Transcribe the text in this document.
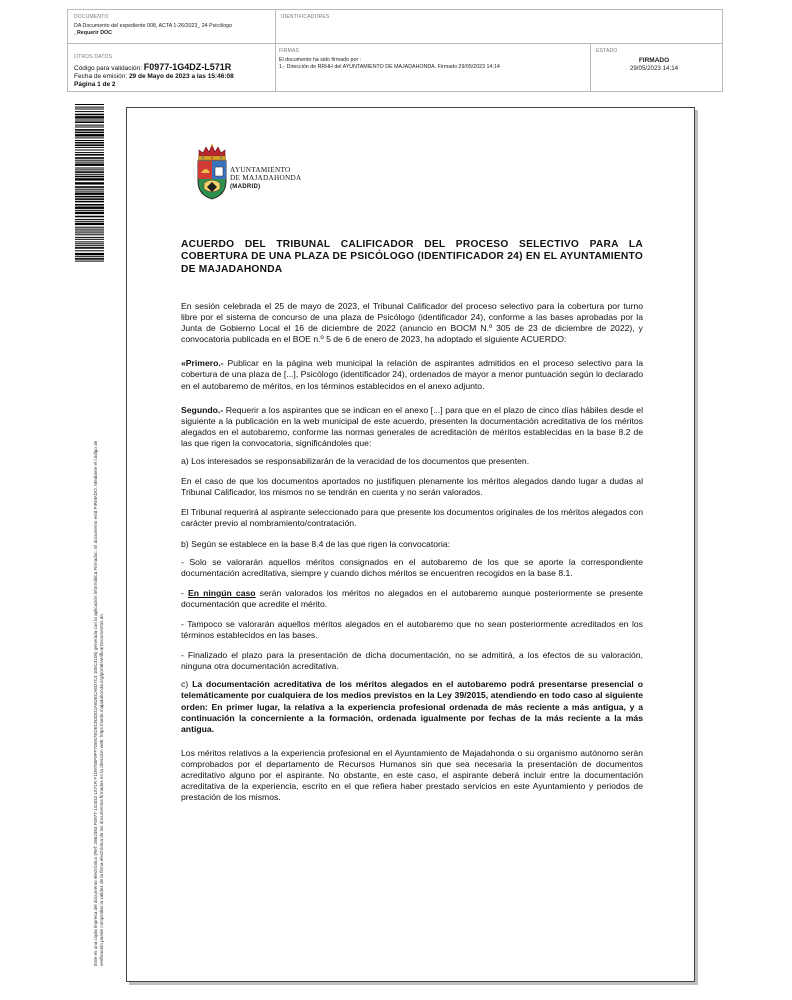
DOCUMENTO
DA Documento del expediente 008, ACTA 1-26/2023_ 24 Psicólogo
_Requerir DOC
IDENTIFICADORES
OTROS DATOS
Código para validación: F0977-1G4DZ-L571R
Fecha de emisión: 29 de Mayo de 2023 a las 15:46:08
Página 1 de 2
FIRMAS
El documento ha sido firmado por :
1.- Dirección de RRHH del AYUNTAMIENTO DE MAJADAHONDA. Firmado 29/05/2023 14:14
ESTADO
FIRMADO
29/05/2023 14:14
Este es una copia impresa del documento electrónico (Ref: 2662463 F0977-1G4DZ-L571R F1D9785F9FF7DE67EDECB3DD2A6DECA6D7C4 105C4105) generada con la aplicación informática Firmadoc. El documento está FIRMADO. Mediante el código de verificación puede comprobar la validez de la firma electrónica de los documentos firmados en la dirección web: https://sede.majadahonda.org/portal/verificarDocumentos.do
AYUNTAMIENTO
DE MAJADAHONDA
(MADRID)
ACUERDO DEL TRIBUNAL CALIFICADOR DEL PROCESO SELECTIVO PARA LA COBERTURA DE UNA PLAZA DE PSICÓLOGO (IDENTIFICADOR 24) EN EL AYUNTAMIENTO DE MAJADAHONDA

En sesión celebrada el 25 de mayo de 2023, el Tribunal Calificador del proceso selectivo para la cobertura por turno libre por el sistema de concurso de una plaza de Psicólogo (identificador 24), conforme a las bases aprobadas por la Junta de Gobierno Local el 16 de diciembre de 2022 (anuncio en BOCM N.º 305 de 23 de diciembre de 2022), y convocatoria publicada en el BOE n.º 5 de 6 de enero de 2023, ha adoptado el siguiente ACUERDO:

«Primero.- Publicar en la página web municipal la relación de aspirantes admitidos en el proceso selectivo para la cobertura de una plaza de [...], Psicólogo (identificador 24), ordenados de mayor a menor puntuación según lo declarado en el autobaremo de méritos, en los términos establecidos en el anexo adjunto.

Segundo.- Requerir a los aspirantes que se indican en el anexo [...] para que en el plazo de cinco días hábiles desde el siguiente a la publicación en la web municipal de este acuerdo, presenten la documentación acreditativa de los méritos alegados en el autobaremo, conforme las normas generales de acreditación de méritos establecidas en la base 8.2 de las que rigen la convocatoria, significándoles que:

a) Los interesados se responsabilizarán de la veracidad de los documentos que presenten.

En el caso de que los documentos aportados no justifiquen plenamente los méritos alegados dando lugar a dudas al Tribunal Calificador, los mismos no se tendrán en cuenta y no serán valorados.

El Tribunal requerirá al aspirante seleccionado para que presente los documentos originales de los méritos alegados con carácter previo al nombramiento/contratación.

b) Según se establece en la base 8.4 de las que rigen la convocatoria:

- Solo se valorarán aquellos méritos consignados en el autobaremo de los que se aporte la correspondiente documentación acreditativa, siempre y cuando dichos méritos se encuentren recogidos en la base 8.1.

- En ningún caso serán valorados los méritos no alegados en el autobaremo aunque posteriormente se presente documentación que acredite el mérito.

- Tampoco se valorarán aquellos méritos alegados en el autobaremo que no sean posteriormente acreditados en los términos establecidos en las bases.

- Finalizado el plazo para la presentación de dicha documentación, no se admitirá, a los efectos de su valoración, ninguna otra documentación acreditativa.

c) La documentación acreditativa de los méritos alegados en el autobaremo podrá presentarse presencial o telemáticamente por cualquiera de los medios previstos en la Ley 39/2015, atendiendo en todo caso al siguiente orden: En primer lugar, la relativa a la experiencia profesional ordenada de más reciente a más antigua, y a continuación la concerniente a la formación, ordenada igualmente por fechas de la más reciente a la más antigua.

Los méritos relativos a la experiencia profesional en el Ayuntamiento de Majadahonda o su organismo autónomo serán comprobados por el departamento de Recursos Humanos sin que sea necesaria la presentación de documentos acreditativo alguno por el aspirante. No obstante, en este caso, el aspirante deberá incluir entre la documentación acreditativa de la experiencia, escrito en el que refiera haber prestado servicios en este Ayuntamiento y periodos de prestación de los mismos.
